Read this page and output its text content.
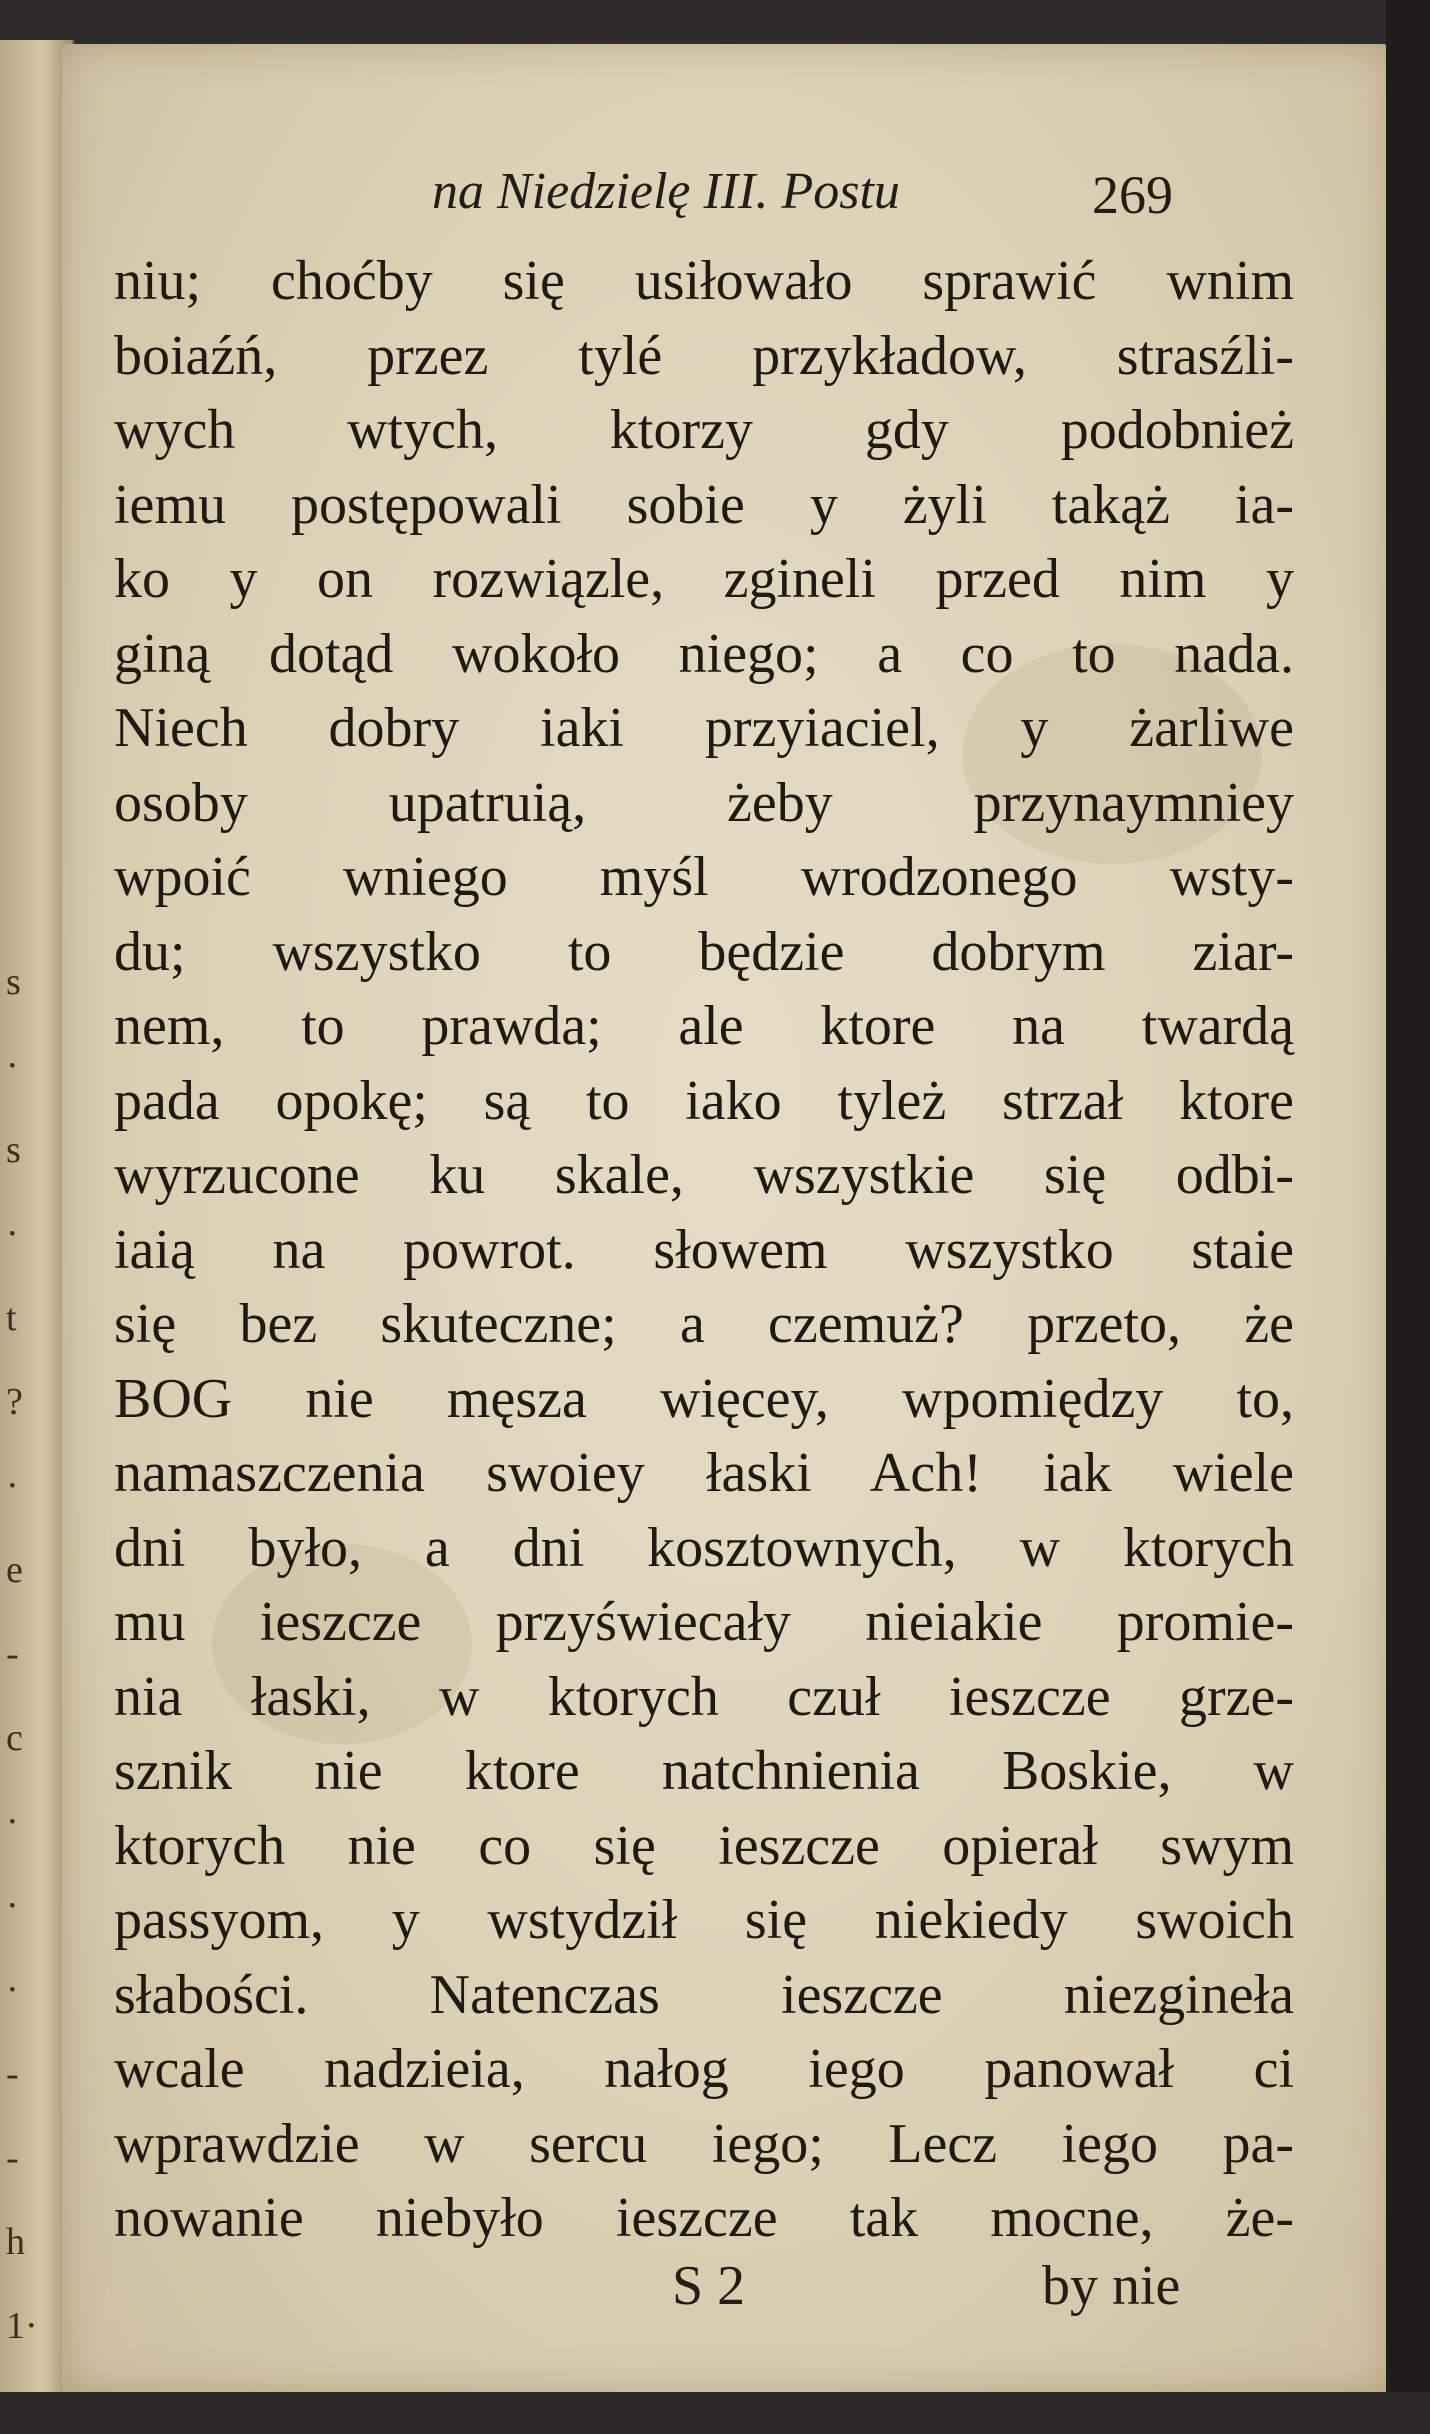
s
·
s
·
t
?
·
e
-
c
·
·
·
-
-
h
1·
na Niedzielę III. Postu	269
niu; choćby się usiłowało sprawić wnim
boiaźń, przez tylé przykładow, strasźli-
wych wtych, ktorzy gdy podobnież
iemu postępowali sobie y żyli takąż ia-
ko y on rozwiązle, zgineli przed nim y
giną dotąd wokoło niego; a co to nada.
Niech dobry iaki przyiaciel, y żarliwe
osoby upatruią, żeby przynaymniey
wpoić wniego myśl wrodzonego wsty-
du; wszystko to będzie dobrym ziar-
nem, to prawda; ale ktore na twardą
pada opokę; są to iako tyleż strzał ktore
wyrzucone ku skale, wszystkie się odbi-
iaią na powrot. słowem wszystko staie
się bez skuteczne; a czemuż? przeto, że
BOG nie męsza więcey, wpomiędzy to,
namaszczenia swoiey łaski Ach! iak wiele
dni było, a dni kosztownych, w ktorych
mu ieszcze przyświecały nieiakie promie-
nia łaski, w ktorych czuł ieszcze grze-
sznik nie ktore natchnienia Boskie, w
ktorych nie co się ieszcze opierał swym
passyom, y wstydził się niekiedy swoich
słabości. Natenczas ieszcze niezgineła
wcale nadzieia, nałog iego panował ci
wprawdzie w sercu iego; Lecz iego pa-
nowanie niebyło ieszcze tak mocne, że-
S 2	by nie
